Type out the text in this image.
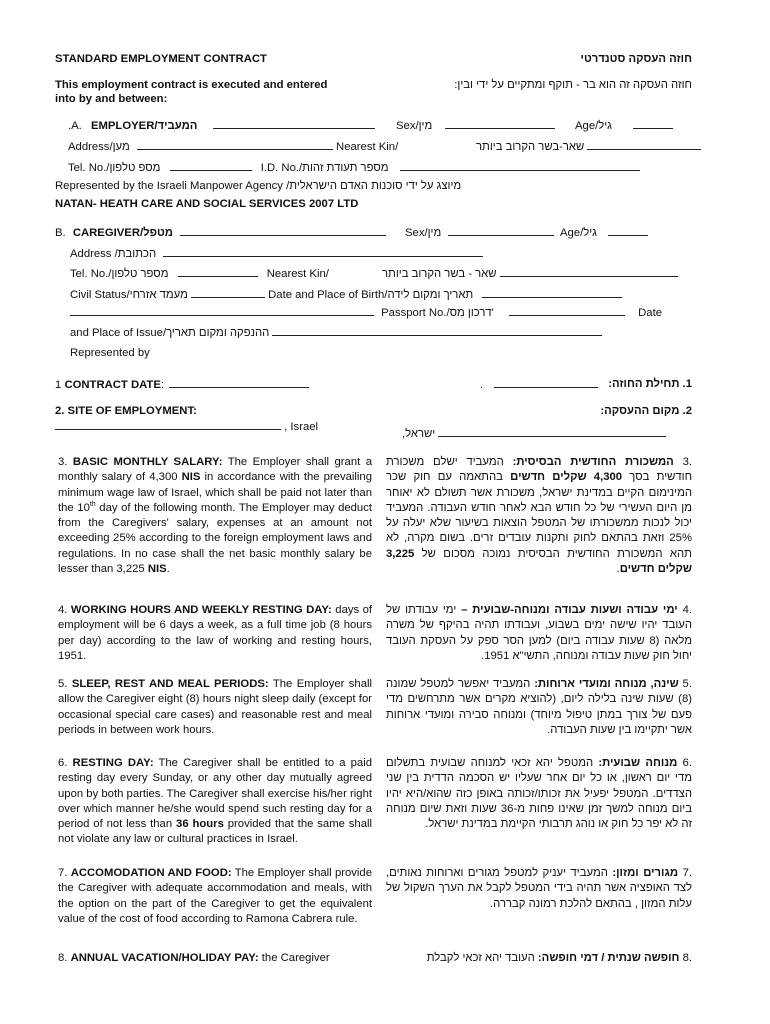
STANDARD EMPLOYMENT CONTRACT	חוזה העסקה סטנדרטי
This employment contract is executed and entered
into by and between:
חוזה העסקה זה הוא בר - תוקף ומתקיים על ידי ובין:
.A. EMPLOYER/המעביד	Sex/מין	Age/גיל
Address/מען	Nearest Kin/	שאר-בשר הקרוב ביותר
Tel. No./מספ טלפון	I.D. No./מספר תעודת זהות
Represented by the Israeli Manpower Agency /מיוצג על ידי סוכנות האדם הישראלית
NATAN- HEATH CARE AND SOCIAL SERVICES 2007 LTD
B. CAREGIVER/מטפל	Sex/מין	Age/גיל
Address /הכתובת
Tel. No./מספר טלפון	Nearest Kin/	שאר - בשר הקרוב ביותר
Civil Status/מעמד אזרחי	Date and Place of Birth/תאריך ומקום לידה
Passport No./דרכון מס'	Date
and Place of Issue/ההנפקה ומקום תאריך
Represented by
1 CONTRACT DATE:	.	1. תחילת החוזה:
2. SITE OF EMPLOYMENT:	2. מקום ההעסקה:
, Israel
ישראל,
3. BASIC MONTHLY SALARY: The Employer shall grant a monthly salary of 4,300 NIS in accordance with the prevailing minimum wage law of Israel, which shall be paid not later than the 10th day of the following month. The Employer may deduct from the Caregivers' salary, expenses at an amount not exceeding 25% according to the foreign employment laws and regulations. In no case shall the net basic monthly salary be lesser than 3,225 NIS.
.3 המשכורת החודשית הבסיסית: המעביד ישלם משכורת חודשית בסך 4,300 שקלים חדשים בהתאמה עם חוק שכר המינימום הקיים במדינת ישראל, משכורת אשר תשולם לא יאוחר מן היום העשירי של כל חודש הבא לאחר חודש העבודה. המעביד יכול לנכות ממשכורתו של המטפל הוצאות בשיעור שלא יעלה על 25% וזאת בהתאם לחוק ותקנות עובדים זרים. בשום מקרה, לא תהא המשכורת החודשית הבסיסית נמוכה מסכום של 3,225 שקלים חדשים.
4. WORKING HOURS AND WEEKLY RESTING DAY: days of employment will be 6 days a week, as a full time job (8 hours per day) according to the law of working and resting hours, 1951.
.4 ימי עבודה ושעות עבודה ומנוחה-שבועית – ימי עבודתו של העובד יהיו שישה ימים בשבוע, ועבודתו תהיה בהיקף של משרה מלאה (8 שעות עבודה ביום) למען הסר ספק על העסקת העובד יחול חוק שעות עבודה ומנוחה, התשי"א 1951.
5. SLEEP, REST AND MEAL PERIODS: The Employer shall allow the Caregiver eight (8) hours night sleep daily (except for occasional special care cases) and reasonable rest and meal periods in between work hours.
.5 שינה, מנוחה ומועדי ארוחות: המעביד יאפשר למטפל שמונה (8) שעות שינה בלילה ליום, (להוציא מקרים אשר מתרחשים מדי פעם של צורך במתן טיפול מיוחד) ומנוחה סבירה ומועדי ארוחות אשר יתקיימו בין שעות העבודה.
6. RESTING DAY: The Caregiver shall be entitled to a paid resting day every Sunday, or any other day mutually agreed upon by both parties. The Caregiver shall exercise his/her right over which manner he/she would spend such resting day for a period of not less than 36 hours provided that the same shall not violate any law or cultural practices in Israel.
.6 מנוחה שבועית: המטפל יהא זכאי למנוחה שבועית בתשלום מדי יום ראשון, או כל יום אחר שעליו יש הסכמה הדדית בין שני הצדדים. המטפל יפעיל את זכותו/זכותה באופן כזה שהוא/היא יהיו ביום מנוחה למשך זמן שאינו פחות מ-36 שעות וזאת שיום מנוחה זה לא יפר כל חוק או נוהג תרבותי הקיימת במדינת ישראל.
7. ACCOMODATION AND FOOD: The Employer shall provide the Caregiver with adequate accommodation and meals, with the option on the part of the Caregiver to get the equivalent value of the cost of food according to Ramona Cabrera rule.
.7 מגורים ומזון: המעביד יעניק למטפל מגורים וארוחות נאותים, לצד האופציה אשר תהיה בידי המטפל לקבל את הערך השקול של עלות המזון , בהתאם להלכת רמונה קברר‏ה.
8. ANNUAL VACATION/HOLIDAY PAY: the Caregiver	.8 חופשה שנתית / דמי חופשה: העובד יהא זכאי לקבלת
